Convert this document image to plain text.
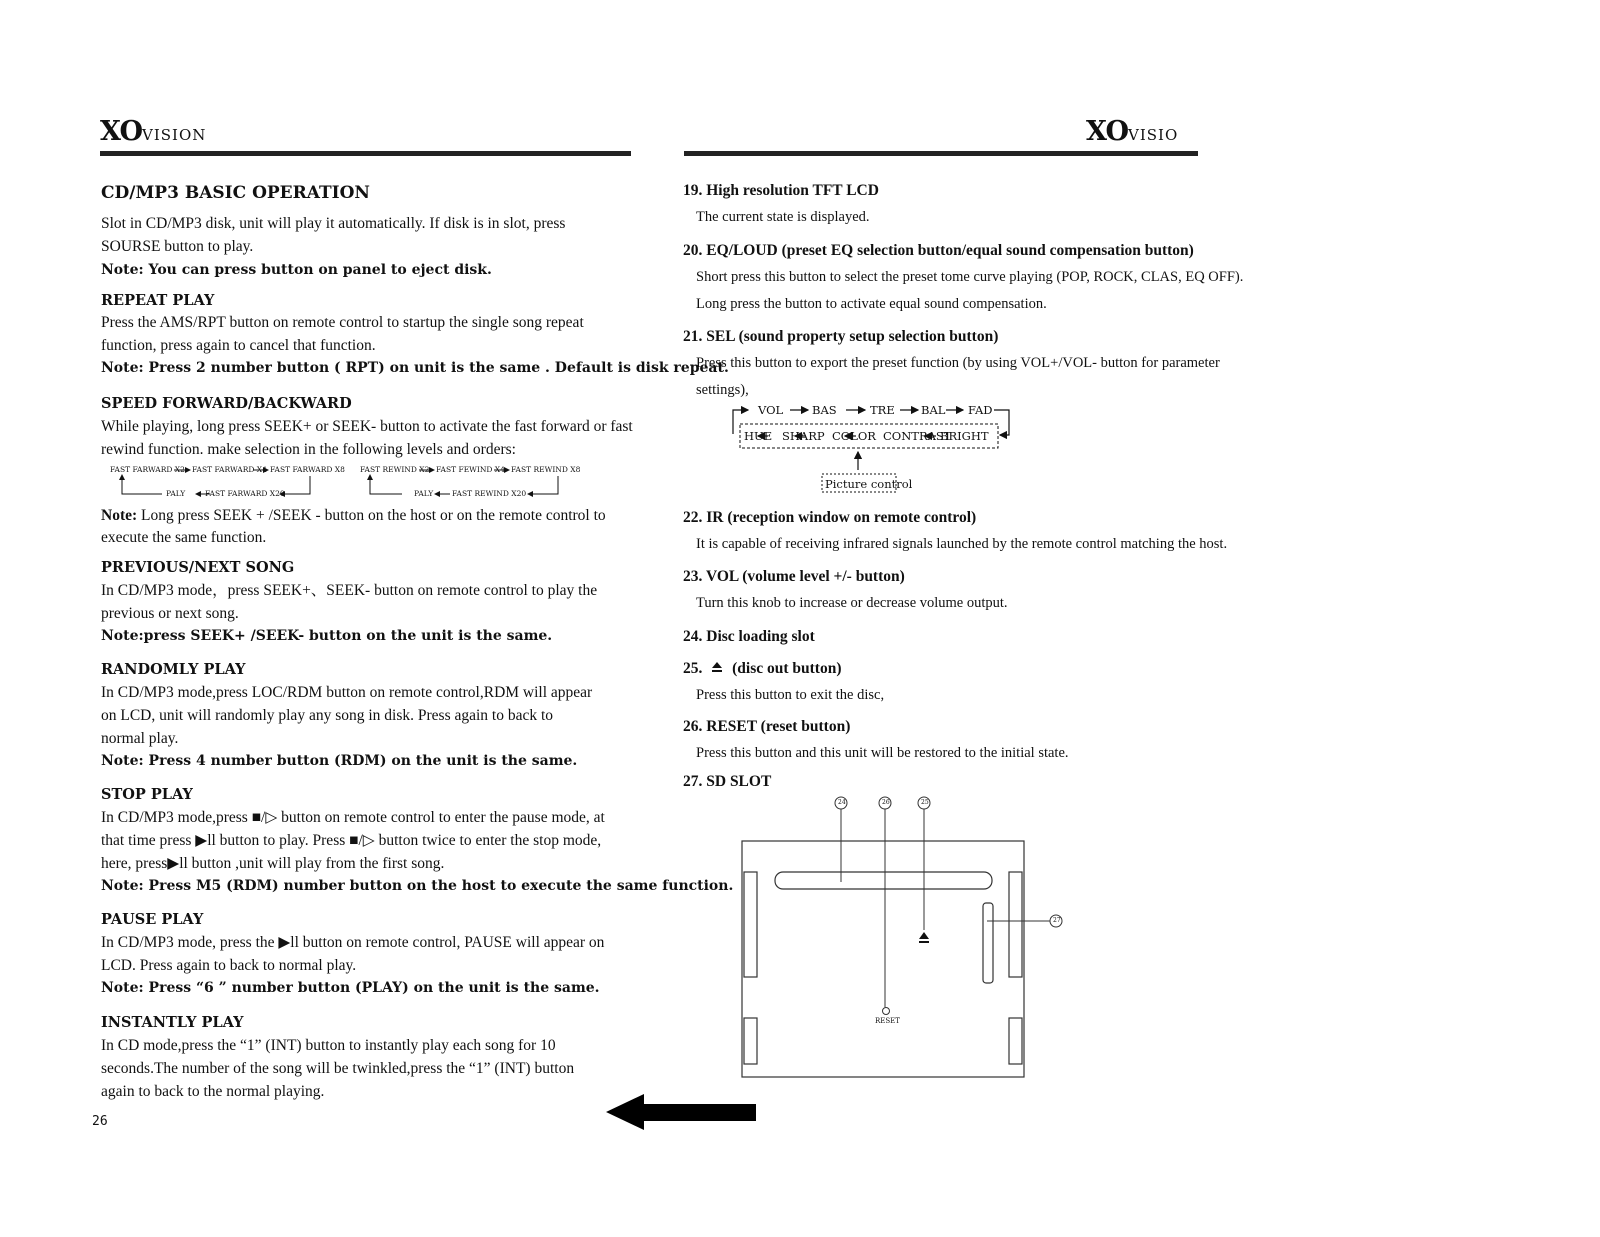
XOVISION	XOVISIO
CD/MP3 BASIC OPERATION
Slot in CD/MP3 disk, unit will play it automatically. If disk is in slot, press
SOURSE button to play.
Note: You can press button on panel to eject disk.
REPEAT PLAY
Press the AMS/RPT button on remote control to startup the single song repeat
function, press again to cancel that function.
Note: Press 2 number button ( RPT) on unit is the same . Default is disk repeat.
SPEED FORWARD/BACKWARD
While playing, long press SEEK+ or SEEK- button to activate the fast forward or fast
rewind function. make selection in the following levels and orders:
FAST FARWARD X2 FAST FARWARD X4 FAST FARWARD X8
PALY	FAST FARWARD X20
FAST REWIND X2 FAST FEWIND X4 FAST REWIND X8
PALY	FAST REWIND X20
Note: Long press SEEK + /SEEK - button on the host or on the remote control to
execute the same function.
PREVIOUS/NEXT SONG
In CD/MP3 mode，press SEEK+、SEEK- button on remote control to play the
previous or next song.
Note:press SEEK+ /SEEK- button on the unit is the same.
RANDOMLY PLAY
In CD/MP3 mode,press LOC/RDM button on remote control,RDM will appear
on LCD, unit will randomly play any song in disk. Press again to back to
normal play.
Note: Press 4 number button (RDM) on the unit is the same.
STOP PLAY
In CD/MP3 mode,press ■/▷ button on remote control to enter the pause mode, at
that time press ▶ll button to play. Press ■/▷ button twice to enter the stop mode,
here, press▶ll button ,unit will play from the first song.
Note: Press M5 (RDM) number button on the host to execute the same function.
PAUSE PLAY
In CD/MP3 mode, press the ▶ll button on remote control, PAUSE will appear on
LCD. Press again to back to normal play.
Note: Press “6 ” number button (PLAY) on the unit is the same.
INSTANTLY PLAY
In CD mode,press the “1” (INT) button to instantly play each song for 10
seconds.The number of the song will be twinkled,press the “1” (INT) button
again to back to the normal playing.
26
19. High resolution TFT LCD
The current state is displayed.
20. EQ/LOUD (preset EQ selection button/equal sound compensation button)
Short press this button to select the preset tome curve playing (POP, ROCK, CLAS, EQ OFF).
Long press the button to activate equal sound compensation.
21. SEL (sound property setup selection button)
Press this button to export the preset function (by using VOL+/VOL- button for parameter
settings),
VOL	BAS	TRE BAL FAD
HUE SHARP COLOR CONTRAST
BRIGHT
Picture control
22. IR (reception window on remote control)
It is capable of receiving infrared signals launched by the remote control matching the host.
23. VOL (volume level +/- button)
Turn this knob to increase or decrease volume output.
24. Disc loading slot
25. (disc out button)
Press this button to exit the disc,
26. RESET (reset button)
Press this button and this unit will be restored to the initial state.
27. SD SLOT
24	26	25
27
RESET
